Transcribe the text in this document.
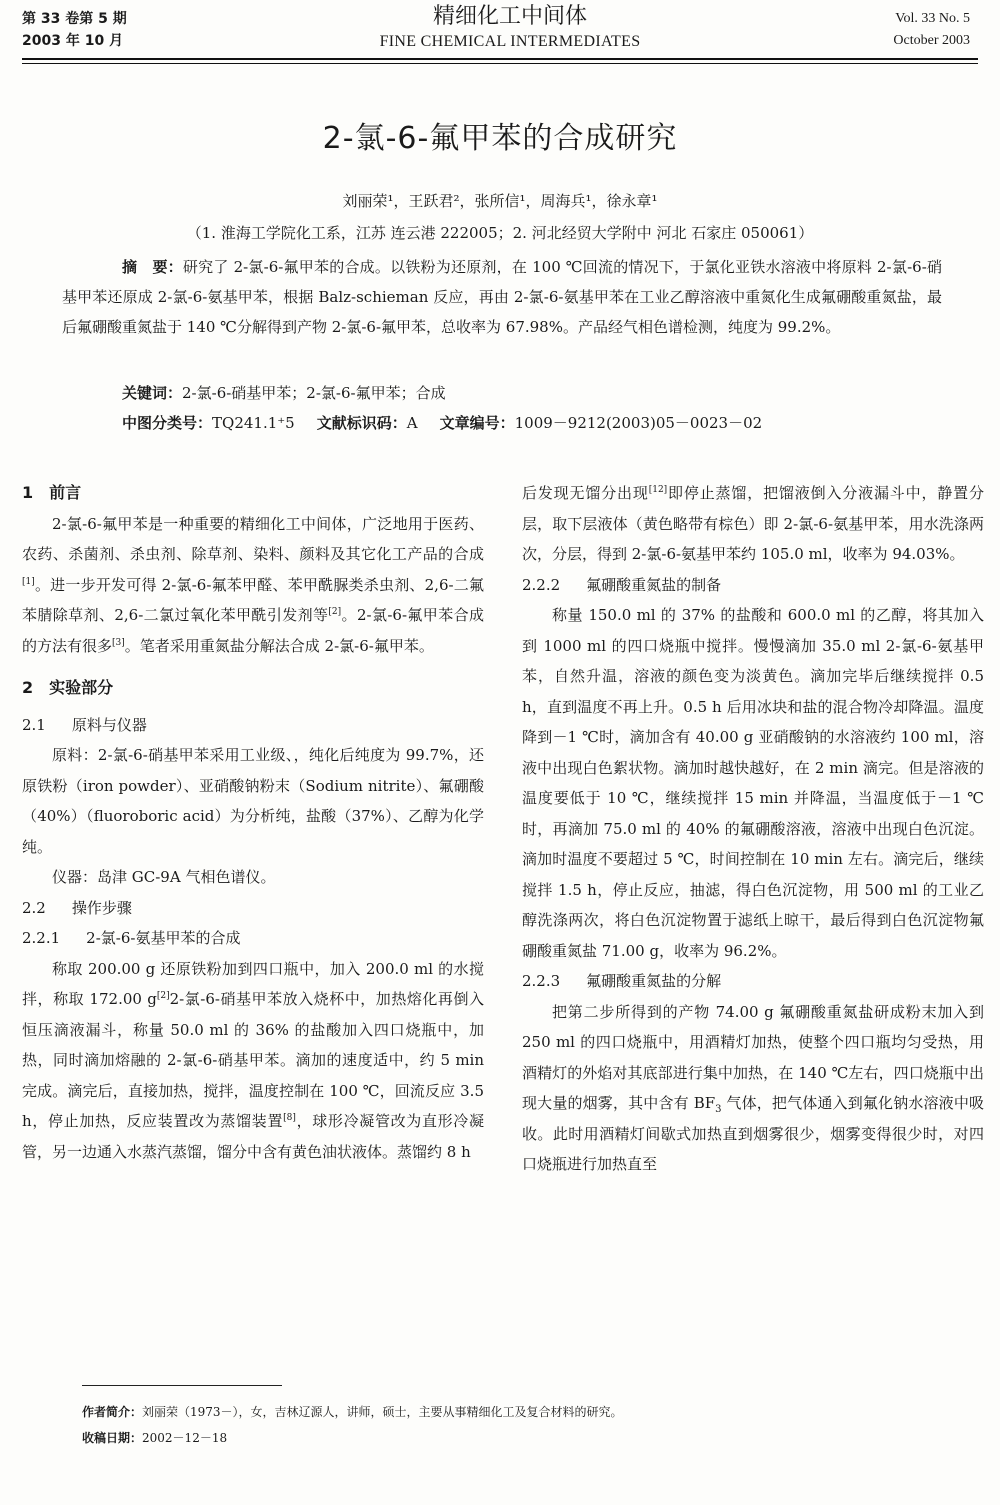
第 33 卷第 5 期
2003 年 10 月
精细化工中间体
FINE CHEMICAL INTERMEDIATES
Vol. 33 No. 5
October 2003
2-氯-6-氟甲苯的合成研究
刘丽荣¹，王跃君²，张所信¹，周海兵¹，徐永章¹
（1. 淮海工学院化工系，江苏 连云港 222005；2. 河北经贸大学附中 河北 石家庄 050061）

摘　要：研究了 2-氯-6-氟甲苯的合成。以铁粉为还原剂，在 100 ℃回流的情况下，于氯化亚铁水溶液中将原料 2-氯-6-硝基甲苯还原成 2-氯-6-氨基甲苯，根据 Balz-schieman 反应，再由 2-氯-6-氨基甲苯在工业乙醇溶液中重氮化生成氟硼酸重氮盐，最后氟硼酸重氮盐于 140 ℃分解得到产物 2-氯-6-氟甲苯，总收率为 67.98%。产品经气相色谱检测，纯度为 99.2%。

关键词：2-氯-6-硝基甲苯；2-氯-6-氟甲苯；合成
中图分类号：TQ241.1⁺5 文献标识码：A 文章编号：1009－9212(2003)05－0023－02
1　前言

2-氯-6-氟甲苯是一种重要的精细化工中间体，广泛地用于医药、农药、杀菌剂、杀虫剂、除草剂、染料、颜料及其它化工产品的合成[1]。进一步开发可得 2-氯-6-氟苯甲醛、苯甲酰脲类杀虫剂、2,6-二氟苯腈除草剂、2,6-二氯过氧化苯甲酰引发剂等[2]。2-氯-6-氟甲苯合成的方法有很多[3]。笔者采用重氮盐分解法合成 2-氯-6-氟甲苯。

2　实验部分
2.1 原料与仪器

原料：2-氯-6-硝基甲苯采用工业级、，纯化后纯度为 99.7%，还原铁粉（iron powder）、亚硝酸钠粉末（Sodium nitrite）、氟硼酸（40%）（fluoroboric acid）为分析纯，盐酸（37%）、乙醇为化学纯。

仪器：岛津 GC-9A 气相色谱仪。

2.2 操作步骤
2.2.1 2-氯-6-氨基甲苯的合成

称取 200.00 g 还原铁粉加到四口瓶中，加入 200.0 ml 的水搅拌，称取 172.00 g[2]2-氯-6-硝基甲苯放入烧杯中，加热熔化再倒入恒压滴液漏斗，称量 50.0 ml 的 36% 的盐酸加入四口烧瓶中，加热，同时滴加熔融的 2-氯-6-硝基甲苯。滴加的速度适中，约 5 min 完成。滴完后，直接加热，搅拌，温度控制在 100 ℃，回流反应 3.5 h，停止加热，反应装置改为蒸馏装置[8]，球形冷凝管改为直形冷凝管，另一边通入水蒸汽蒸馏，馏分中含有黄色油状液体。蒸馏约 8 h

后发现无馏分出现[12]即停止蒸馏，把馏液倒入分液漏斗中，静置分层，取下层液体（黄色略带有棕色）即 2-氯-6-氨基甲苯，用水洗涤两次，分层，得到 2-氯-6-氨基甲苯约 105.0 ml，收率为 94.03%。

2.2.2 氟硼酸重氮盐的制备

称量 150.0 ml 的 37% 的盐酸和 600.0 ml 的乙醇，将其加入到 1000 ml 的四口烧瓶中搅拌。慢慢滴加 35.0 ml 2-氯-6-氨基甲苯，自然升温，溶液的颜色变为淡黄色。滴加完毕后继续搅拌 0.5 h，直到温度不再上升。0.5 h 后用冰块和盐的混合物冷却降温。温度降到－1 ℃时，滴加含有 40.00 g 亚硝酸钠的水溶液约 100 ml，溶液中出现白色絮状物。滴加时越快越好，在 2 min 滴完。但是溶液的温度要低于 10 ℃，继续搅拌 15 min 并降温，当温度低于－1 ℃时，再滴加 75.0 ml 的 40% 的氟硼酸溶液，溶液中出现白色沉淀。滴加时温度不要超过 5 ℃，时间控制在 10 min 左右。滴完后，继续搅拌 1.5 h，停止反应，抽滤，得白色沉淀物，用 500 ml 的工业乙醇洗涤两次，将白色沉淀物置于滤纸上晾干，最后得到白色沉淀物氟硼酸重氮盐 71.00 g，收率为 96.2%。

2.2.3 氟硼酸重氮盐的分解

把第二步所得到的产物 74.00 g 氟硼酸重氮盐研成粉末加入到 250 ml 的四口烧瓶中，用酒精灯加热，使整个四口瓶均匀受热，用酒精灯的外焰对其底部进行集中加热，在 140 ℃左右，四口烧瓶中出现大量的烟雾，其中含有 $BF_3$ 气体，把气体通入到氟化钠水溶液中吸收。此时用酒精灯间歇式加热直到烟雾很少，烟雾变得很少时，对四口烧瓶进行加热直至

作者简介：刘丽荣（1973－），女，吉林辽源人，讲师，硕士，主要从事精细化工及复合材料的研究。
收稿日期：2002－12－18
